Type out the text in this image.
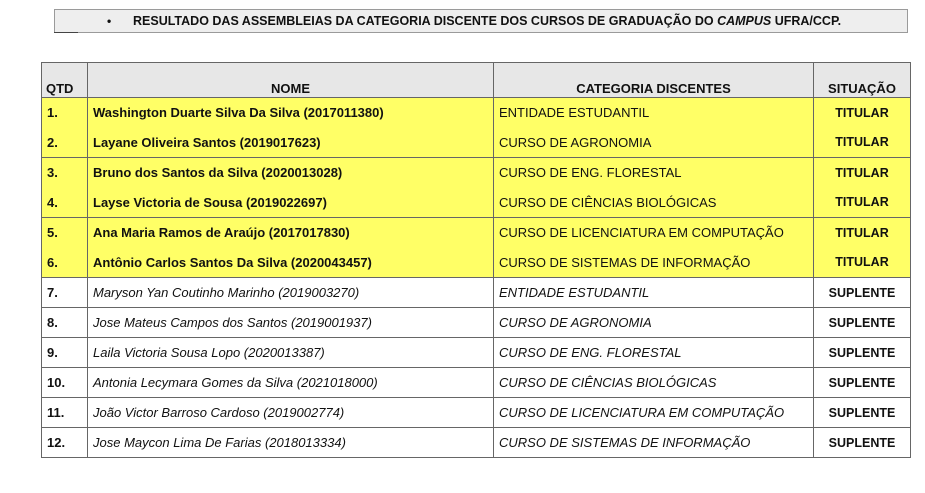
• RESULTADO DAS ASSEMBLEIAS DA CATEGORIA DISCENTE DOS CURSOS DE GRADUAÇÃO DO CAMPUS UFRA/CCP.
QTD	NOME	CATEGORIA DISCENTES	SITUAÇÃO
1.	Washington Duarte Silva Da Silva (2017011380)	ENTIDADE ESTUDANTIL	TITULAR
2.	Layane Oliveira Santos (2019017623)	CURSO DE AGRONOMIA	TITULAR
3.	Bruno dos Santos da Silva (2020013028)	CURSO DE ENG. FLORESTAL	TITULAR
4.	Layse Victoria de Sousa (2019022697)	CURSO DE CIÊNCIAS BIOLÓGICAS	TITULAR
5.	Ana Maria Ramos de Araújo (2017017830)	CURSO DE LICENCIATURA EM COMPUTAÇÃO	TITULAR
6.	Antônio Carlos Santos Da Silva (2020043457)	CURSO DE SISTEMAS DE INFORMAÇÃO	TITULAR
7.	Maryson Yan Coutinho Marinho (2019003270)	ENTIDADE ESTUDANTIL	SUPLENTE
8.	Jose Mateus Campos dos Santos (2019001937)	CURSO DE AGRONOMIA	SUPLENTE
9.	Laila Victoria Sousa Lopo (2020013387)	CURSO DE ENG. FLORESTAL	SUPLENTE
10.	Antonia Lecymara Gomes da Silva (2021018000)	CURSO DE CIÊNCIAS BIOLÓGICAS	SUPLENTE
11.	João Victor Barroso Cardoso (2019002774)	CURSO DE LICENCIATURA EM COMPUTAÇÃO	SUPLENTE
12.	Jose Maycon Lima De Farias (2018013334)	CURSO DE SISTEMAS DE INFORMAÇÃO	SUPLENTE
